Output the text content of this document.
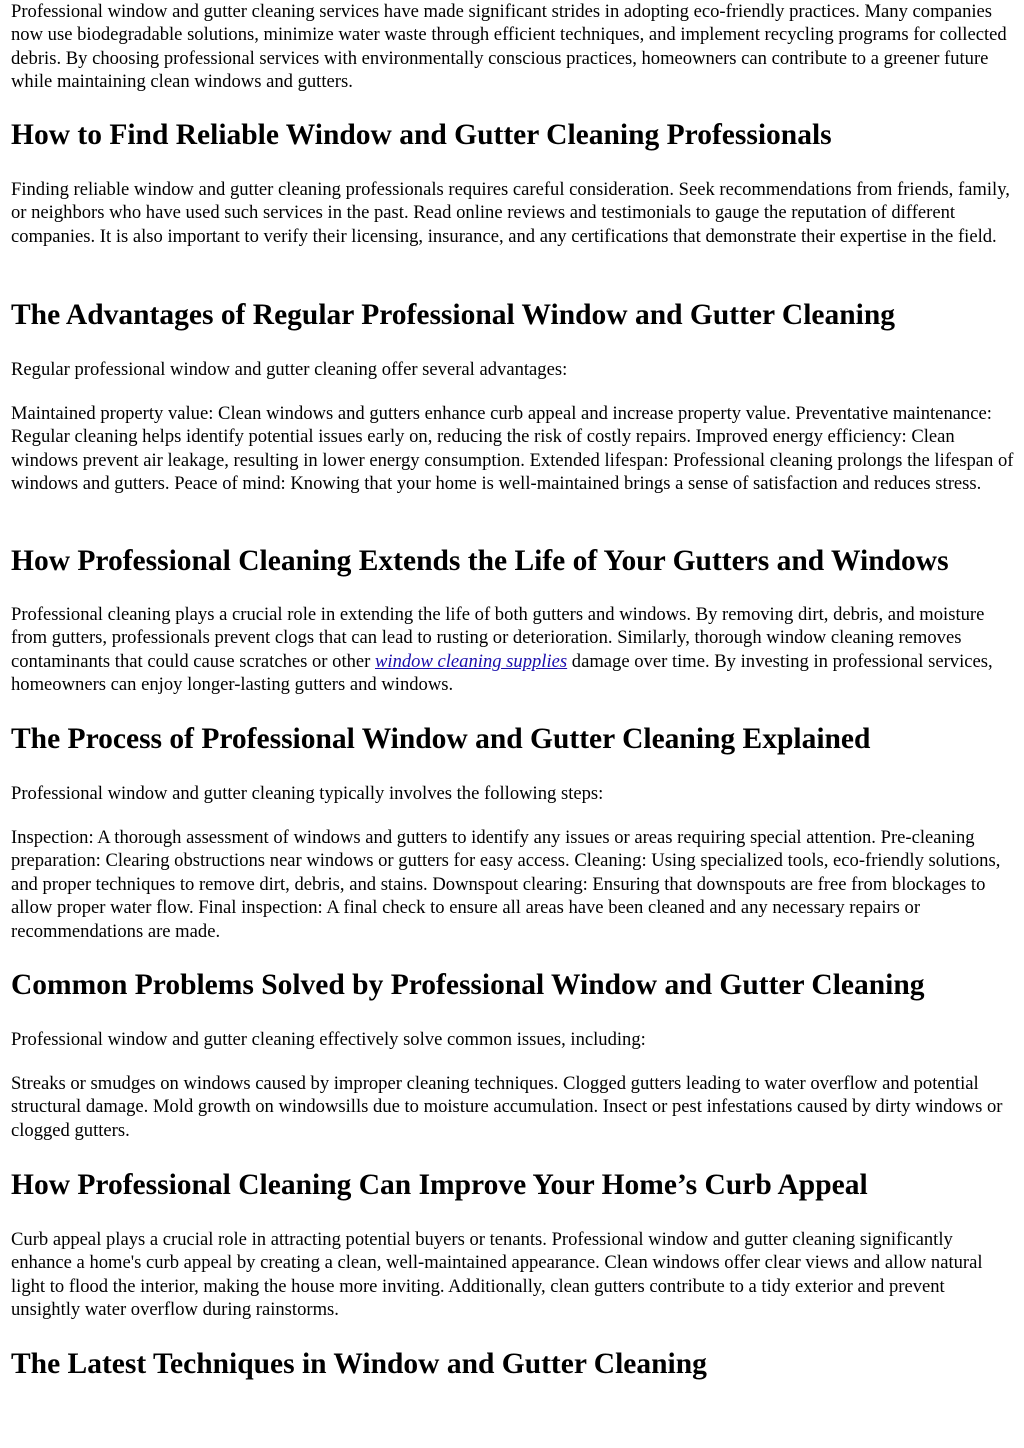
Professional window and gutter cleaning services have made significant strides in adopting eco-friendly practices. Many companies now use biodegradable solutions, minimize water waste through efficient techniques, and implement recycling programs for collected debris. By choosing professional services with environmentally conscious practices, homeowners can contribute to a greener future while maintaining clean windows and gutters.

How to Find Reliable Window and Gutter Cleaning Professionals

Finding reliable window and gutter cleaning professionals requires careful consideration. Seek recommendations from friends, family, or neighbors who have used such services in the past. Read online reviews and testimonials to gauge the reputation of different companies. It is also important to verify their licensing, insurance, and any certifications that demonstrate their expertise in the field.

The Advantages of Regular Professional Window and Gutter Cleaning

Regular professional window and gutter cleaning offer several advantages:

Maintained property value: Clean windows and gutters enhance curb appeal and increase property value. Preventative maintenance: Regular cleaning helps identify potential issues early on, reducing the risk of costly repairs. Improved energy efficiency: Clean windows prevent air leakage, resulting in lower energy consumption. Extended lifespan: Professional cleaning prolongs the lifespan of windows and gutters. Peace of mind: Knowing that your home is well-maintained brings a sense of satisfaction and reduces stress.

How Professional Cleaning Extends the Life of Your Gutters and Windows

Professional cleaning plays a crucial role in extending the life of both gutters and windows. By removing dirt, debris, and moisture from gutters, professionals prevent clogs that can lead to rusting or deterioration. Similarly, thorough window cleaning removes contaminants that could cause scratches or other window cleaning supplies damage over time. By investing in professional services, homeowners can enjoy longer-lasting gutters and windows.

The Process of Professional Window and Gutter Cleaning Explained

Professional window and gutter cleaning typically involves the following steps:

Inspection: A thorough assessment of windows and gutters to identify any issues or areas requiring special attention. Pre-cleaning preparation: Clearing obstructions near windows or gutters for easy access. Cleaning: Using specialized tools, eco-friendly solutions, and proper techniques to remove dirt, debris, and stains. Downspout clearing: Ensuring that downspouts are free from blockages to allow proper water flow. Final inspection: A final check to ensure all areas have been cleaned and any necessary repairs or recommendations are made.

Common Problems Solved by Professional Window and Gutter Cleaning

Professional window and gutter cleaning effectively solve common issues, including:

Streaks or smudges on windows caused by improper cleaning techniques. Clogged gutters leading to water overflow and potential structural damage. Mold growth on windowsills due to moisture accumulation. Insect or pest infestations caused by dirty windows or clogged gutters.

How Professional Cleaning Can Improve Your Home’s Curb Appeal

Curb appeal plays a crucial role in attracting potential buyers or tenants. Professional window and gutter cleaning significantly enhance a home's curb appeal by creating a clean, well-maintained appearance. Clean windows offer clear views and allow natural light to flood the interior, making the house more inviting. Additionally, clean gutters contribute to a tidy exterior and prevent unsightly water overflow during rainstorms.

The Latest Techniques in Window and Gutter Cleaning
